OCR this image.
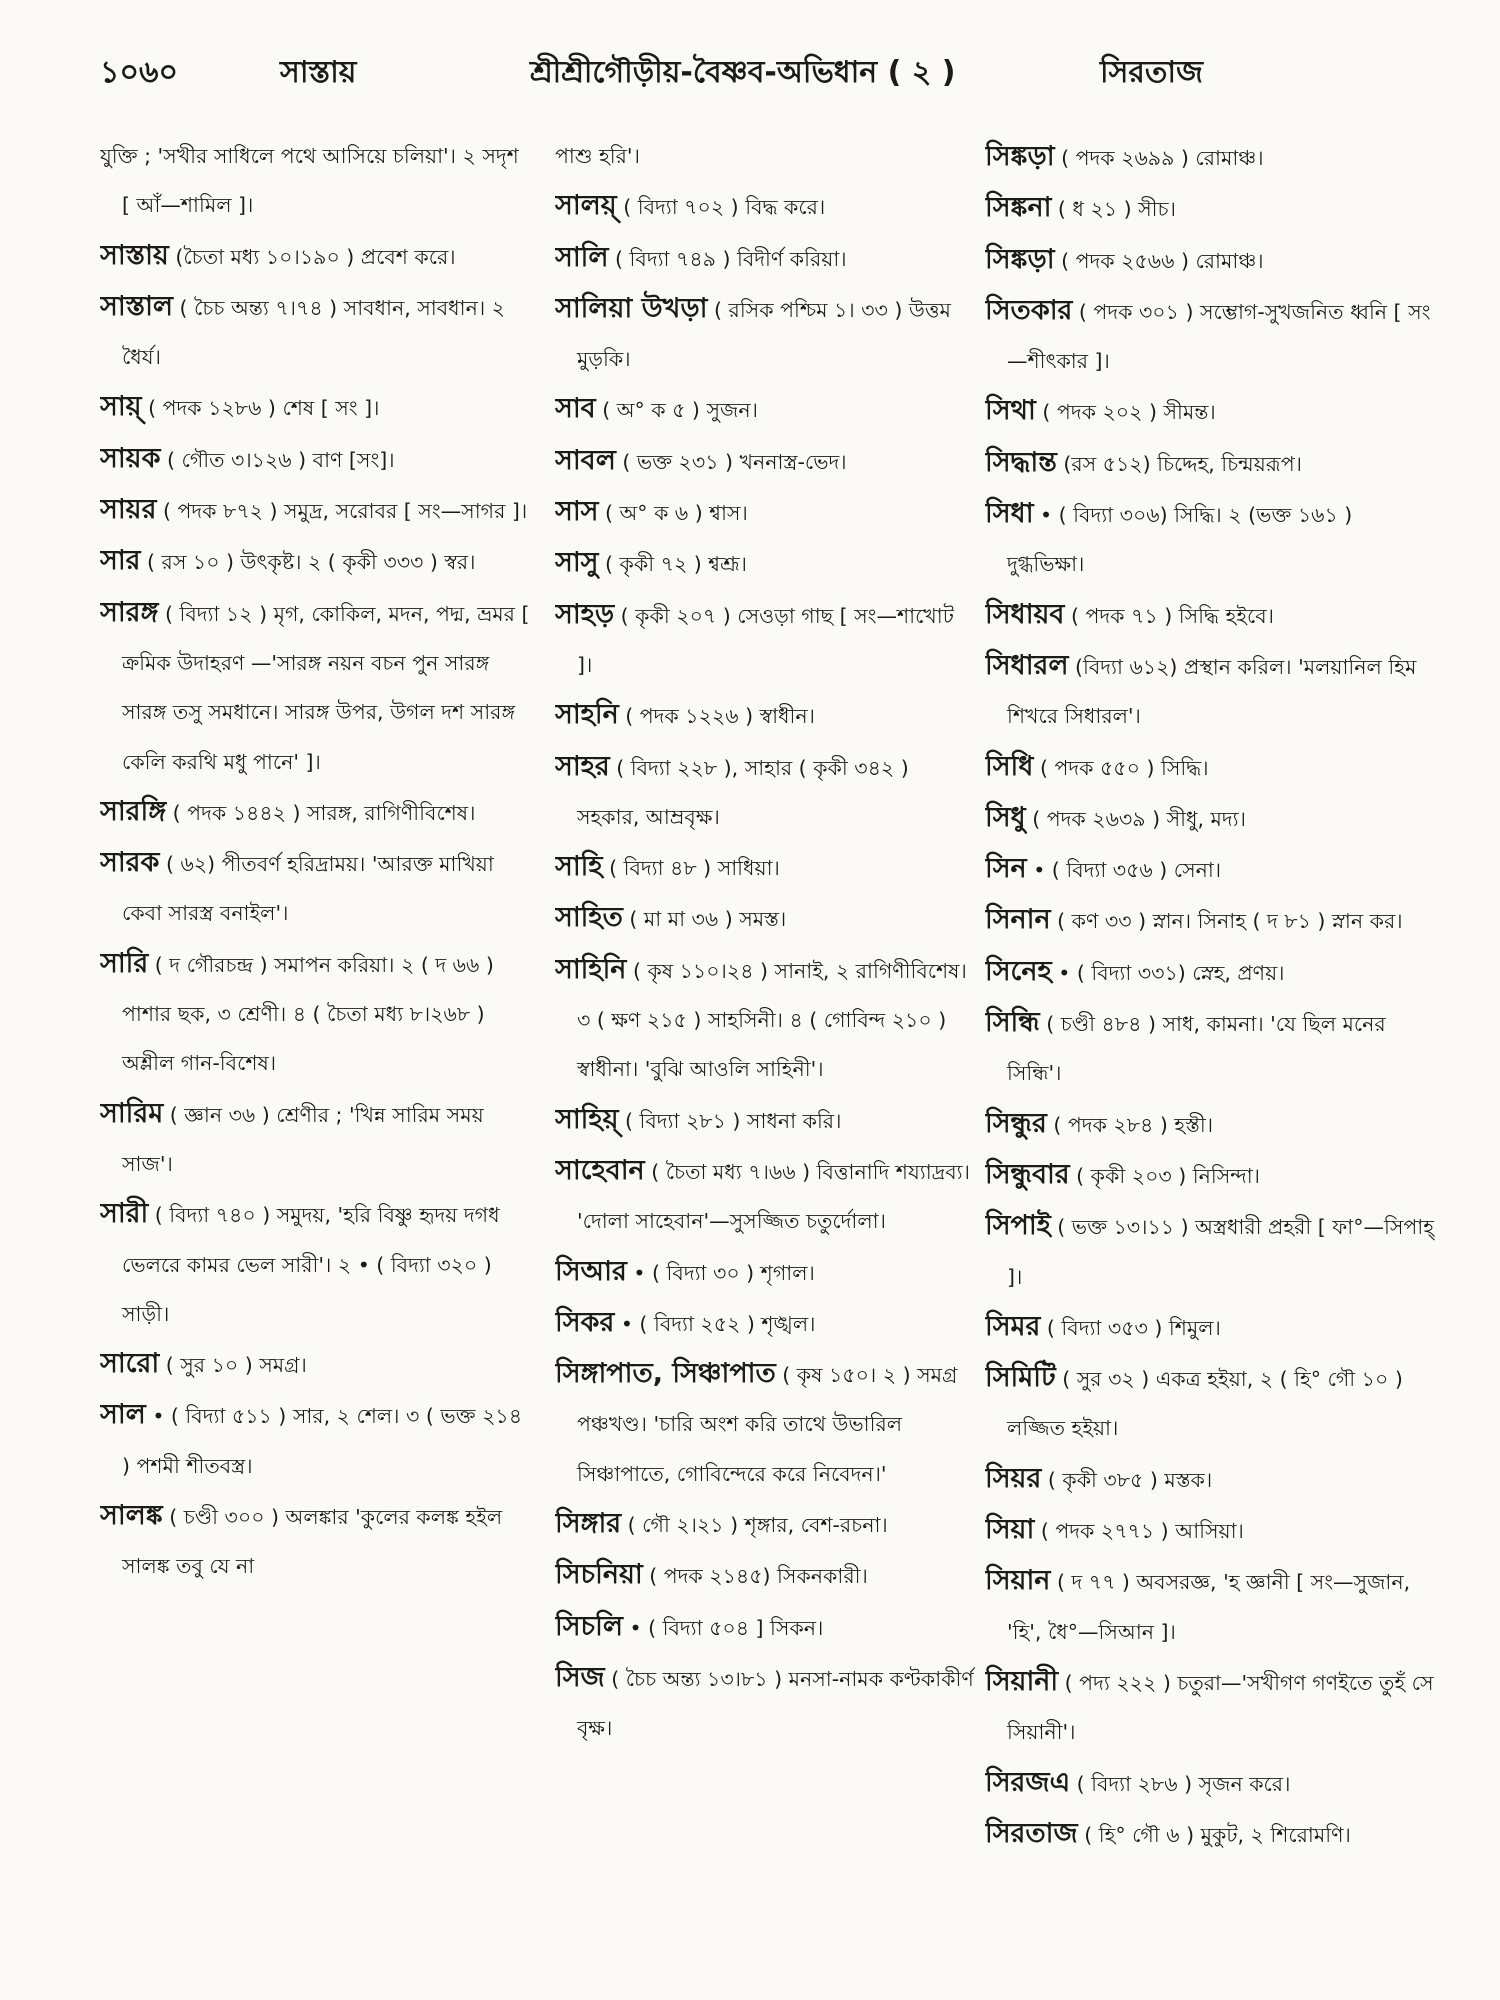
১০৬০	সাস্তায়	শ্রীশ্রীগৌড়ীয়-বৈষ্ণব-অভিধান ( ২ )	সিরতাজ

যুক্তি ; 'সখীর সাধিলে পথে আসিয়ে চলিয়া'। ২ সদৃশ [ আঁ—শামিল ]।

সাস্তায় (চৈতা মধ্য ১০।১৯০ ) প্রবেশ করে।

সাস্তাল ( চৈচ অন্ত্য ৭।৭৪ ) সাবধান, সাবধান। ২ ধৈর্য।

সায়্‌ ( পদক ১২৮৬ ) শেষ [ সং ]।

সায়ক ( গৌত ৩।১২৬ ) বাণ [সং]।

সায়র ( পদক ৮৭২ ) সমুদ্র, সরোবর [ সং—সাগর ]।

সার ( রস ১০ ) উৎকৃষ্ট। ২ ( কৃকী ৩৩৩ ) স্বর।

সারঙ্গ ( বিদ্যা ১২ ) মৃগ, কোকিল, মদন, পদ্ম, ভ্রমর [ ক্রমিক উদাহরণ —'সারঙ্গ নয়ন বচন পুন সারঙ্গ সারঙ্গ তসু সমধানে। সারঙ্গ উপর, উগল দশ সারঙ্গ কেলি করথি মধু পানে' ]।

সারঙ্গি ( পদক ১৪৪২ ) সারঙ্গ, রাগিণীবিশেষ।

সারক ( ৬২) পীতবর্ণ হরিদ্রাময়। 'আরক্ত মাখিয়া কেবা সারস্ত্র বনাইল'।

সারি ( দ গৌরচন্দ্র ) সমাপন করিয়া। ২ ( দ ৬৬ ) পাশার ছক, ৩ শ্রেণী। ৪ ( চৈতা মধ্য ৮।২৬৮ ) অশ্লীল গান-বিশেষ।

সারিম ( জ্ঞান ৩৬ ) শ্রেণীর ; 'খিন্ন সারিম সময় সাজ'।

সারী ( বিদ্যা ৭৪০ ) সমুদয়, 'হরি বিষ্ণু হৃদয় দগধ ভেলরে কামর ভেল সারী'। ২ • ( বিদ্যা ৩২০ ) সাড়ী।

সারো ( সুর ১০ ) সমগ্র।

সাল • ( বিদ্যা ৫১১ ) সার, ২ শেল। ৩ ( ভক্ত ২১৪ ) পশমী শীতবস্ত্র।

সালঙ্ক ( চণ্ডী ৩০০ ) অলঙ্কার 'কুলের কলঙ্ক হইল সালঙ্ক তবু যে না

পাশু হরি'।

সালয়্‌ ( বিদ্যা ৭০২ ) বিদ্ধ করে।

সালি ( বিদ্যা ৭৪৯ ) বিদীর্ণ করিয়া।

সালিয়া উখড়া ( রসিক পশ্চিম ১। ৩৩ ) উত্তম মুড়কি।

সাব ( অ° ক ৫ ) সুজন।

সাবল ( ভক্ত ২৩১ ) খননাস্ত্র-ভেদ।

সাস ( অ° ক ৬ ) শ্বাস।

সাসু ( কৃকী ৭২ ) শ্বশ্রূ।

সাহড় ( কৃকী ২০৭ ) সেওড়া গাছ [ সং—শাখোট ]।

সাহনি ( পদক ১২২৬ ) স্বাধীন।

সাহর ( বিদ্যা ২২৮ ), সাহার ( কৃকী ৩৪২ ) সহকার, আম্রবৃক্ষ।

সাহি ( বিদ্যা ৪৮ ) সাধিয়া।

সাহিত ( মা মা ৩৬ ) সমস্ত।

সাহিনি ( কৃষ ১১০।২৪ ) সানাই, ২ রাগিণীবিশেষ। ৩ ( ক্ষণ ২১৫ ) সাহসিনী। ৪ ( গোবিন্দ ২১০ ) স্বাধীনা। 'বুঝি আওলি সাহিনী'।

সাহিয়্‌ ( বিদ্যা ২৮১ ) সাধনা করি।

সাহেবান ( চৈতা মধ্য ৭।৬৬ ) বিত্তানাদি শয্যাদ্রব্য। 'দোলা সাহেবান'—সুসজ্জিত চতুর্দোলা।

সিআর • ( বিদ্যা ৩০ ) শৃগাল।

সিকর • ( বিদ্যা ২৫২ ) শৃঙ্খল।

সিঙ্গাপাত, সিঞ্চাপাত ( কৃষ ১৫০। ২ ) সমগ্র পঞ্চখণ্ড। 'চারি অংশ করি তাথে উভারিল সিঞ্চাপাতে, গোবিন্দেরে করে নিবেদন।'

সিঙ্গার ( গৌ ২।২১ ) শৃঙ্গার, বেশ-রচনা।

সিচনিয়া ( পদক ২১৪৫) সিকনকারী।

সিচলি • ( বিদ্যা ৫০৪ ] সিকন।

সিজ ( চৈচ অন্ত্য ১৩।৮১ ) মনসা-নামক কণ্টকাকীর্ণ বৃক্ষ।

সিঙ্কড়া ( পদক ২৬৯৯ ) রোমাঞ্চ।

সিঙ্কনা ( ধ ২১ ) সীচ।

সিঙ্কড়া ( পদক ২৫৬৬ ) রোমাঞ্চ।

সিতকার ( পদক ৩০১ ) সম্ভোগ-সুখজনিত ধ্বনি [ সং—শীৎকার ]।

সিথা ( পদক ২০২ ) সীমন্ত।

সিদ্ধান্ত (রস ৫১২) চিদ্দেহ, চিন্ময়রূপ।

সিধা • ( বিদ্যা ৩০৬) সিদ্ধি। ২ (ভক্ত ১৬১ ) দুগ্ধভিক্ষা।

সিধায়ব ( পদক ৭১ ) সিদ্ধি হইবে।

সিধারল (বিদ্যা ৬১২) প্রস্থান করিল। 'মলয়ানিল হিম শিখরে সিধারল'।

সিধি ( পদক ৫৫০ ) সিদ্ধি।

সিধু ( পদক ২৬৩৯ ) সীধু, মদ্য।

সিন • ( বিদ্যা ৩৫৬ ) সেনা।

সিনান ( কণ ৩৩ ) স্নান। সিনাহ ( দ ৮১ ) স্নান কর।

সিনেহ • ( বিদ্যা ৩৩১) স্নেহ, প্রণয়।

সিন্ধি ( চণ্ডী ৪৮৪ ) সাধ, কামনা। 'যে ছিল মনের সিন্ধি'।

সিন্ধুর ( পদক ২৮৪ ) হস্তী।

সিন্ধুবার ( কৃকী ২০৩ ) নিসিন্দা।

সিপাই ( ভক্ত ১৩।১১ ) অস্ত্রধারী প্রহরী [ ফা°—সিপাহ্‌ ]।

সিমর ( বিদ্যা ৩৫৩ ) শিমুল।

সিমিটি ( সুর ৩২ ) একত্র হইয়া, ২ ( হি° গৌ ১০ ) লজ্জিত হইয়া।

সিয়র ( কৃকী ৩৮৫ ) মস্তক।

সিয়া ( পদক ২৭৭১ ) আসিয়া।

সিয়ান ( দ ৭৭ ) অবসরজ্ঞ, 'হ জ্ঞানী [ সং—সুজান, 'হি', ধৈ°—সিআন ]।

সিয়ানী ( পদ্য ২২২ ) চতুরা—'সখীগণ গণইতে তুহঁ সে সিয়ানী'।

সিরজএ ( বিদ্যা ২৮৬ ) সৃজন করে।

সিরতাজ ( হি° গৌ ৬ ) মুকুট, ২ শিরোমণি।
